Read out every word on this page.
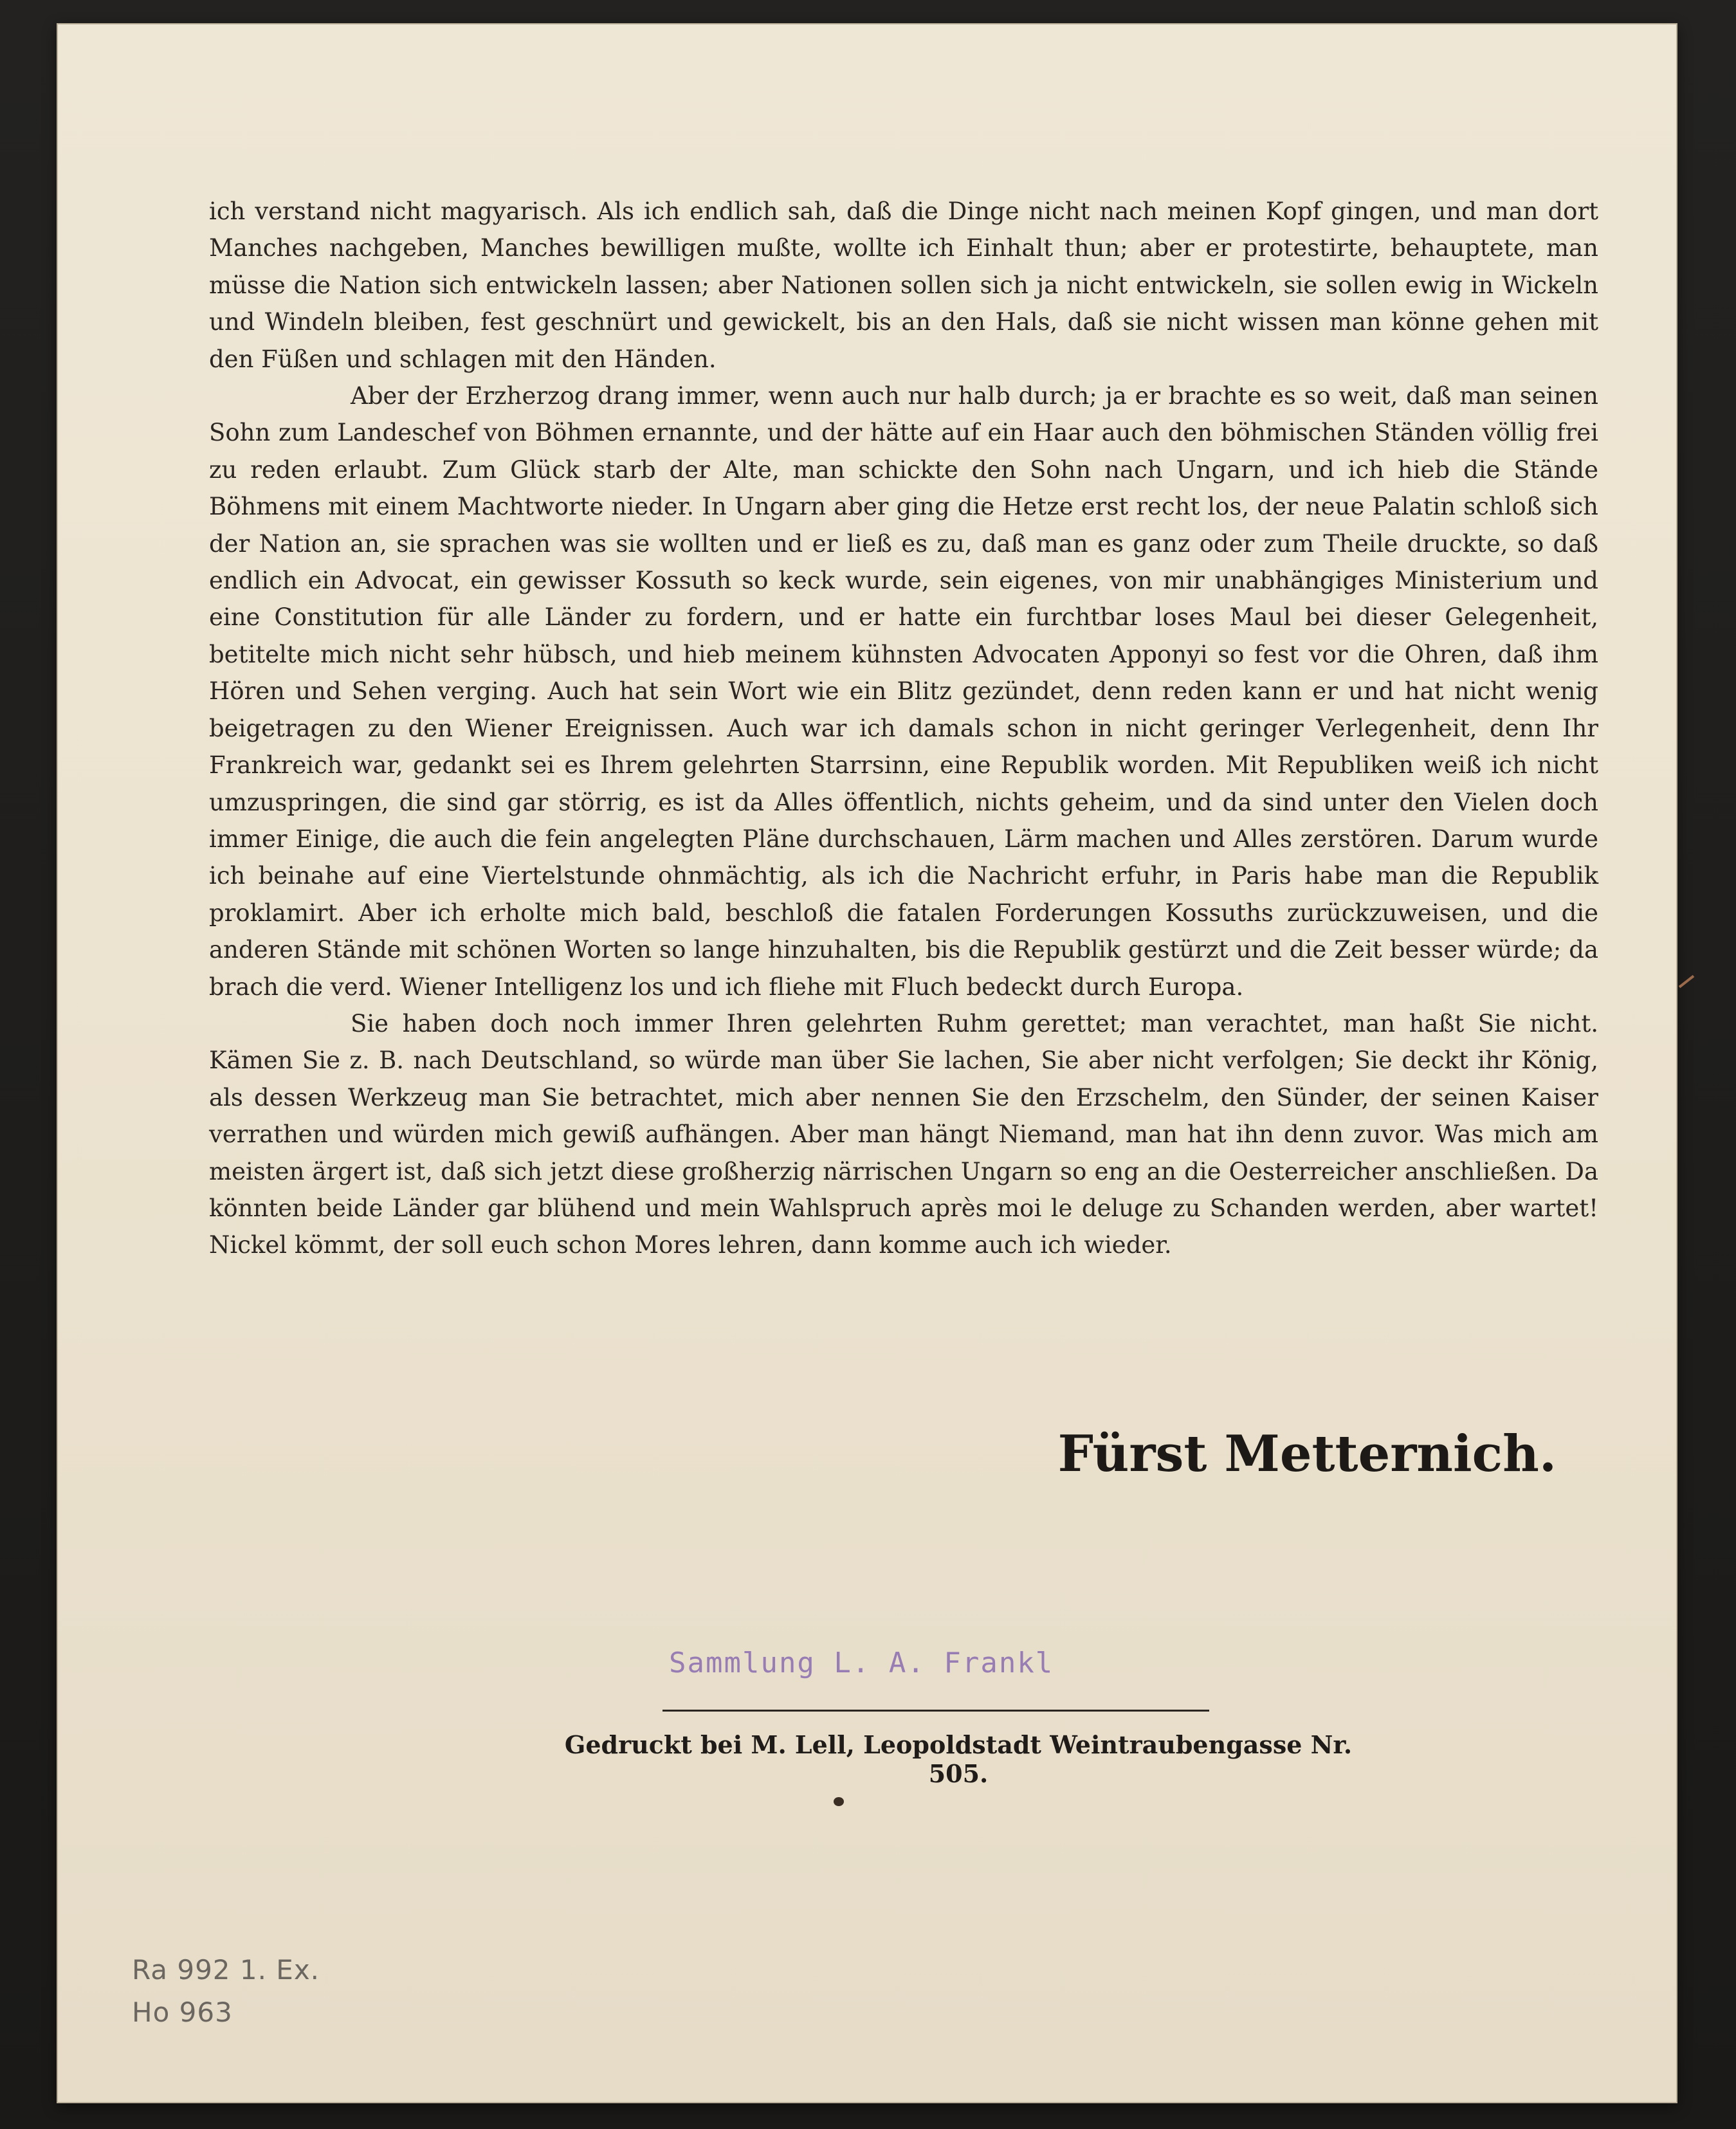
ich verstand nicht magyarisch. Als ich endlich sah, daß die Dinge nicht nach meinen Kopf gingen, und man dort Manches nachgeben, Manches bewilligen mußte, wollte ich Einhalt thun; aber er protestirte, behauptete, man müsse die Nation sich entwickeln lassen; aber Nationen sollen sich ja nicht entwickeln, sie sollen ewig in Wickeln und Windeln bleiben, fest geschnürt und gewickelt, bis an den Hals, daß sie nicht wissen man könne gehen mit den Füßen und schlagen mit den Händen.

Aber der Erzherzog drang immer, wenn auch nur halb durch; ja er brachte es so weit, daß man seinen Sohn zum Landeschef von Böhmen ernannte, und der hätte auf ein Haar auch den böhmischen Ständen völlig frei zu reden erlaubt. Zum Glück starb der Alte, man schickte den Sohn nach Ungarn, und ich hieb die Stände Böhmens mit einem Machtworte nieder. In Ungarn aber ging die Hetze erst recht los, der neue Palatin schloß sich der Nation an, sie sprachen was sie wollten und er ließ es zu, daß man es ganz oder zum Theile druckte, so daß endlich ein Advocat, ein gewisser Kossuth so keck wurde, sein eigenes, von mir unabhängiges Ministerium und eine Constitution für alle Länder zu fordern, und er hatte ein furchtbar loses Maul bei dieser Gelegenheit, betitelte mich nicht sehr hübsch, und hieb meinem kühnsten Advocaten Apponyi so fest vor die Ohren, daß ihm Hören und Sehen verging. Auch hat sein Wort wie ein Blitz gezündet, denn reden kann er und hat nicht wenig beigetragen zu den Wiener Ereignissen. Auch war ich damals schon in nicht geringer Verlegenheit, denn Ihr Frankreich war, gedankt sei es Ihrem gelehrten Starrsinn, eine Republik worden. Mit Republiken weiß ich nicht umzuspringen, die sind gar störrig, es ist da Alles öffentlich, nichts geheim, und da sind unter den Vielen doch immer Einige, die auch die fein angelegten Pläne durchschauen, Lärm machen und Alles zerstören. Darum wurde ich beinahe auf eine Viertelstunde ohnmächtig, als ich die Nachricht erfuhr, in Paris habe man die Republik proklamirt. Aber ich erholte mich bald, beschloß die fatalen Forderungen Kossuths zurückzuweisen, und die anderen Stände mit schönen Worten so lange hinzuhalten, bis die Republik gestürzt und die Zeit besser würde; da brach die verd. Wiener Intelligenz los und ich fliehe mit Fluch bedeckt durch Europa.

Sie haben doch noch immer Ihren gelehrten Ruhm gerettet; man verachtet, man haßt Sie nicht. Kämen Sie z. B. nach Deutschland, so würde man über Sie lachen, Sie aber nicht verfolgen; Sie deckt ihr König, als dessen Werkzeug man Sie betrachtet, mich aber nennen Sie den Erzschelm, den Sünder, der seinen Kaiser verrathen und würden mich gewiß aufhängen. Aber man hängt Niemand, man hat ihn denn zuvor. Was mich am meisten ärgert ist, daß sich jetzt diese großherzig närrischen Ungarn so eng an die Oesterreicher anschließen. Da könnten beide Länder gar blühend und mein Wahlspruch après moi le deluge zu Schanden werden, aber wartet! Nickel kömmt, der soll euch schon Mores lehren, dann komme auch ich wieder.

Fürst Metternich.
Sammlung L. A. Frankl
Gedruckt bei M. Lell, Leopoldstadt Weintraubengasse Nr. 505.
Ra 992 1. Ex.
Ho 963
